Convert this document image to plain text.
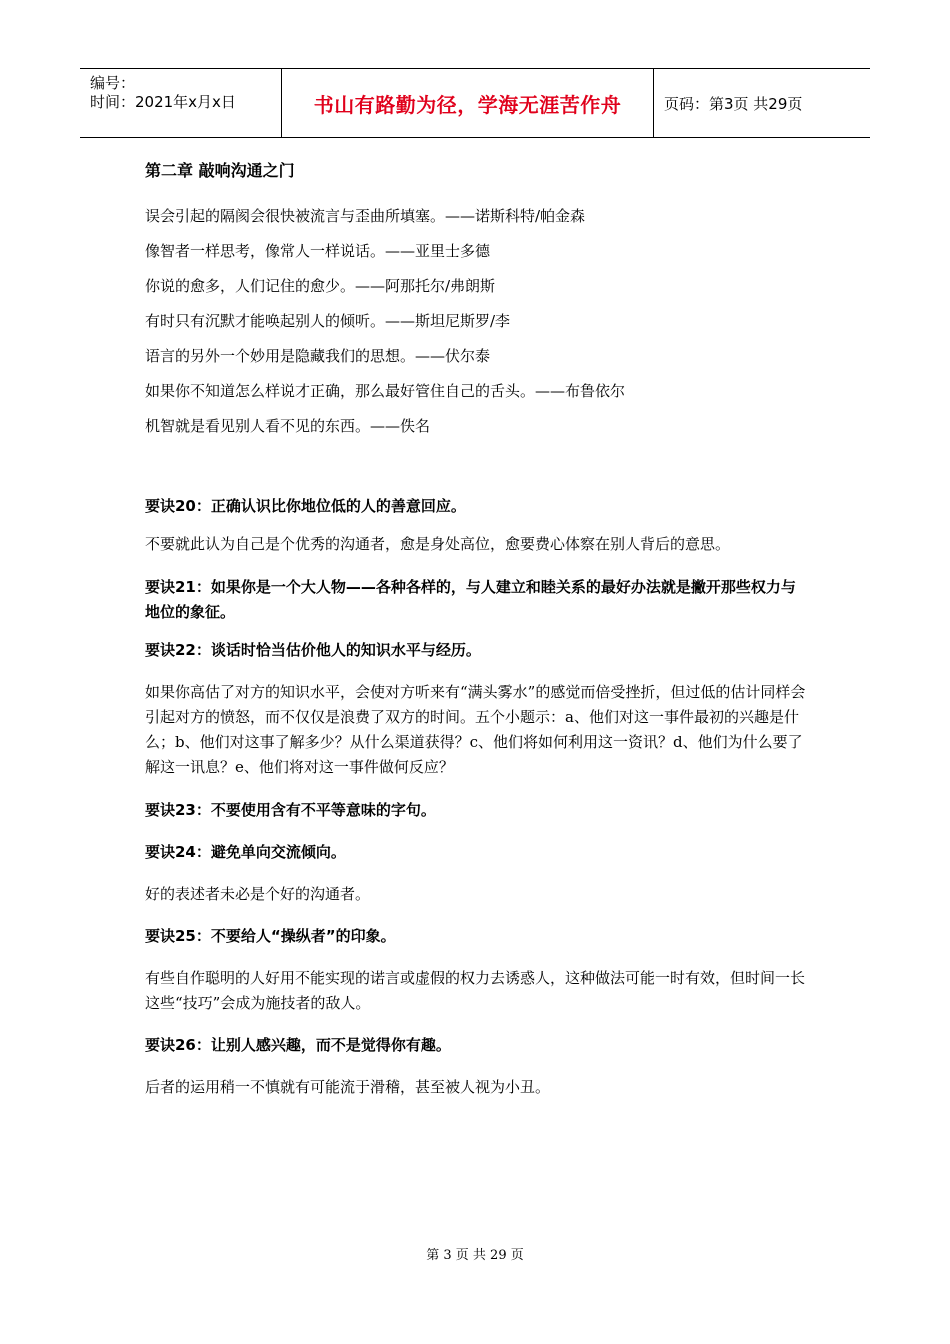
编号：
时间：2021年x月x日	书山有路勤为径，学海无涯苦作舟	页码：第3页 共29页
第二章 敲响沟通之门

误会引起的隔阂会很快被流言与歪曲所填塞。——诺斯科特/帕金森

像智者一样思考，像常人一样说话。——亚里士多德

你说的愈多，人们记住的愈少。——阿那托尔/弗朗斯

有时只有沉默才能唤起别人的倾听。——斯坦尼斯罗/李

语言的另外一个妙用是隐藏我们的思想。——伏尔泰

如果你不知道怎么样说才正确，那么最好管住自己的舌头。——布鲁依尔

机智就是看见别人看不见的东西。——佚名

要诀20：正确认识比你地位低的人的善意回应。

不要就此认为自己是个优秀的沟通者，愈是身处高位，愈要费心体察在别人背后的意思。

要诀21：如果你是一个大人物——各种各样的，与人建立和睦关系的最好办法就是撇开那些权力与地位的象征。

要诀22：谈话时恰当估价他人的知识水平与经历。

如果你高估了对方的知识水平，会使对方听来有“满头雾水”的感觉而倍受挫折，但过低的估计同样会引起对方的愤怒，而不仅仅是浪费了双方的时间。五个小题示：a、他们对这一事件最初的兴趣是什么；b、他们对这事了解多少？从什么渠道获得？c、他们将如何利用这一资讯？d、他们为什么要了解这一讯息？e、他们将对这一事件做何反应？

要诀23：不要使用含有不平等意味的字句。

要诀24：避免单向交流倾向。

好的表述者未必是个好的沟通者。

要诀25：不要给人“操纵者”的印象。

有些自作聪明的人好用不能实现的诺言或虚假的权力去诱惑人，这种做法可能一时有效，但时间一长这些“技巧”会成为施技者的敌人。

要诀26：让别人感兴趣，而不是觉得你有趣。

后者的运用稍一不慎就有可能流于滑稽，甚至被人视为小丑。

第 3 页 共 29 页
